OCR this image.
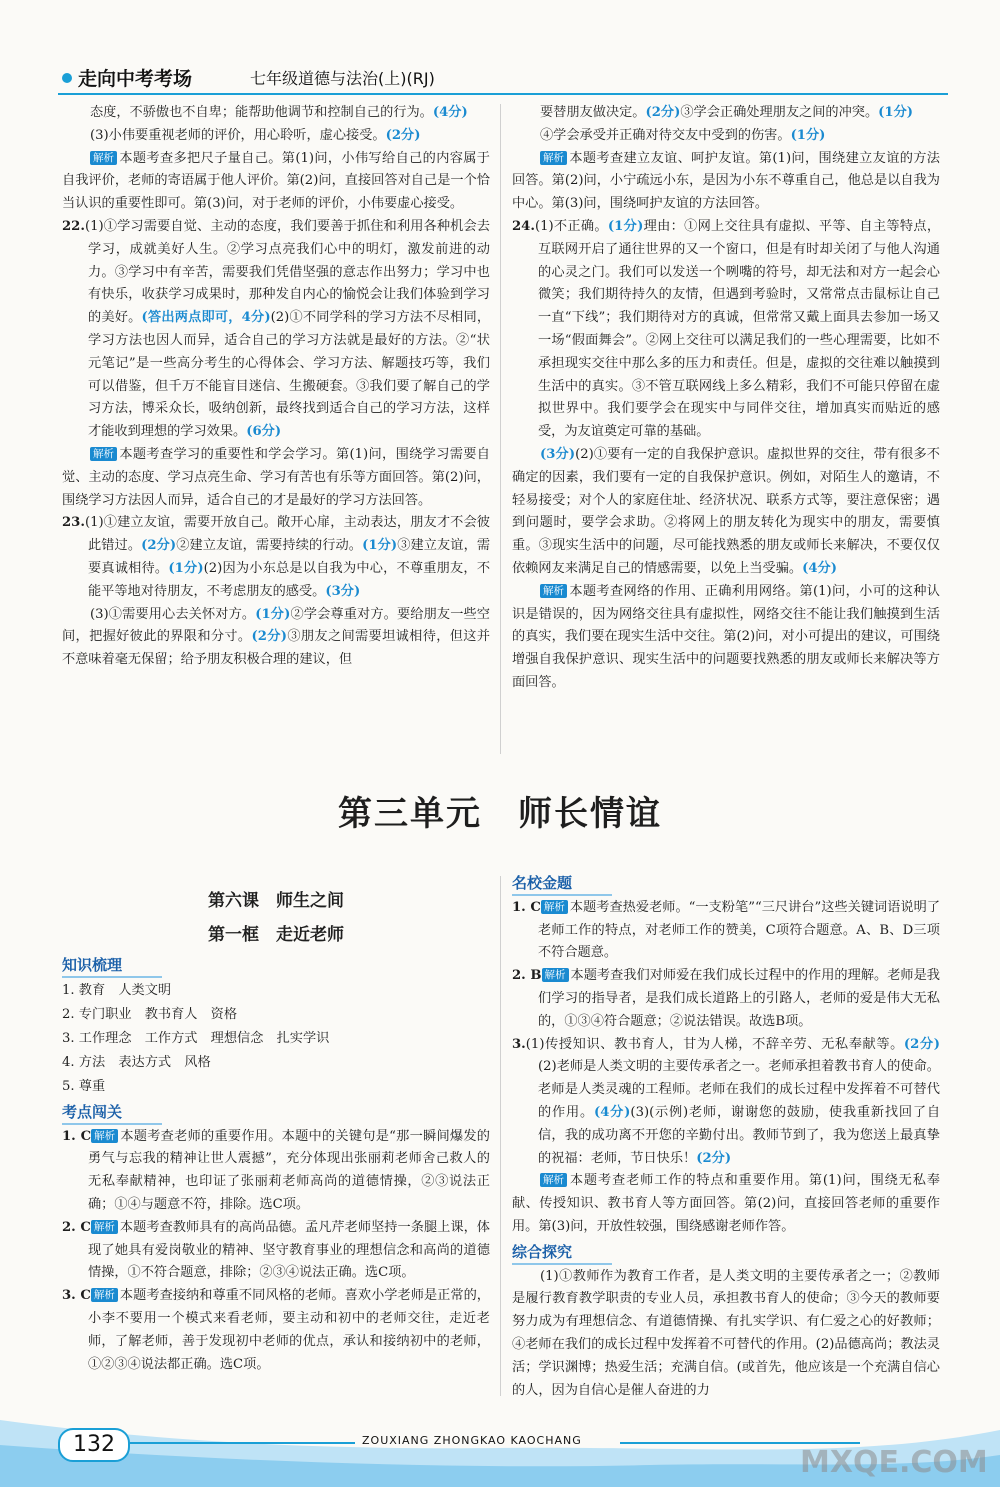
走向中考考场	七年级道德与法治(上)(RJ)

态度，不骄傲也不自卑；能帮助他调节和控制自己的行为。(4分)

(3)小伟要重视老师的评价，用心聆听，虚心接受。(2分)

解析 本题考查多把尺子量自己。第(1)问，小伟写给自己的内容属于自我评价，老师的寄语属于他人评价。第(2)问，直接回答对自己是一个恰当认识的重要性即可。第(3)问，对于老师的评价，小伟要虚心接受。

22.(1)①学习需要自觉、主动的态度，我们要善于抓住和利用各种机会去学习，成就美好人生。②学习点亮我们心中的明灯，激发前进的动力。③学习中有辛苦，需要我们凭借坚强的意志作出努力；学习中也有快乐，收获学习成果时，那种发自内心的愉悦会让我们体验到学习的美好。(答出两点即可，4分)(2)①不同学科的学习方法不尽相同，学习方法也因人而异，适合自己的学习方法就是最好的方法。②“状元笔记”是一些高分考生的心得体会、学习方法、解题技巧等，我们可以借鉴，但千万不能盲目迷信、生搬硬套。③我们要了解自己的学习方法，博采众长，吸纳创新，最终找到适合自己的学习方法，这样才能收到理想的学习效果。(6分)

解析 本题考查学习的重要性和学会学习。第(1)问，围绕学习需要自觉、主动的态度、学习点亮生命、学习有苦也有乐等方面回答。第(2)问，围绕学习方法因人而异，适合自己的才是最好的学习方法回答。

23.(1)①建立友谊，需要开放自己。敞开心扉，主动表达，朋友才不会彼此错过。(2分)②建立友谊，需要持续的行动。(1分)③建立友谊，需要真诚相待。(1分)(2)因为小东总是以自我为中心，不尊重朋友，不能平等地对待朋友，不考虑朋友的感受。(3分)

(3)①需要用心去关怀对方。(1分)②学会尊重对方。要给朋友一些空间，把握好彼此的界限和分寸。(2分)③朋友之间需要坦诚相待，但这并不意味着毫无保留；给予朋友积极合理的建议，但

要替朋友做决定。(2分)③学会正确处理朋友之间的冲突。(1分)

④学会承受并正确对待交友中受到的伤害。(1分)

解析 本题考查建立友谊、呵护友谊。第(1)问，围绕建立友谊的方法回答。第(2)问，小宁疏远小东，是因为小东不尊重自己，他总是以自我为中心。第(3)问，围绕呵护友谊的方法回答。

24.(1)不正确。(1分)理由：①网上交往具有虚拟、平等、自主等特点，互联网开启了通往世界的又一个窗口，但是有时却关闭了与他人沟通的心灵之门。我们可以发送一个咧嘴的符号，却无法和对方一起会心微笑；我们期待持久的友情，但遇到考验时，又常常点击鼠标让自己一直“下线”；我们期待对方的真诚，但常常又戴上面具去参加一场又一场“假面舞会”。②网上交往可以满足我们的一些心理需要，比如不承担现实交往中那么多的压力和责任。但是，虚拟的交往难以触摸到生活中的真实。③不管互联网线上多么精彩，我们不可能只停留在虚拟世界中。我们要学会在现实中与同伴交往，增加真实而贴近的感受，为友谊奠定可靠的基础。

(3分)(2)①要有一定的自我保护意识。虚拟世界的交往，带有很多不确定的因素，我们要有一定的自我保护意识。例如，对陌生人的邀请，不轻易接受；对个人的家庭住址、经济状况、联系方式等，要注意保密；遇到问题时，要学会求助。②将网上的朋友转化为现实中的朋友，需要慎重。③现实生活中的问题，尽可能找熟悉的朋友或师长来解决，不要仅仅依赖网友来满足自己的情感需要，以免上当受骗。(4分)

解析 本题考查网络的作用、正确利用网络。第(1)问，小可的这种认识是错误的，因为网络交往具有虚拟性，网络交往不能让我们触摸到生活的真实，我们要在现实生活中交往。第(2)问，对小可提出的建议，可围绕增强自我保护意识、现实生活中的问题要找熟悉的朋友或师长来解决等方面回答。

第三单元　师长情谊
第六课　师生之间
第一框　走近老师
知识梳理

1. 教育　人类文明

2. 专门职业　教书育人　资格

3. 工作理念　工作方式　理想信念　扎实学识

4. 方法　表达方式　风格

5. 尊重

考点闯关

1. C 解析 本题考查老师的重要作用。本题中的关键句是“那一瞬间爆发的勇气与忘我的精神让世人震撼”，充分体现出张丽莉老师舍己救人的无私奉献精神，也印证了张丽莉老师高尚的道德情操，②③说法正确；①④与题意不符，排除。选C项。

2. C 解析 本题考查教师具有的高尚品德。孟凡芹老师坚持一条腿上课，体现了她具有爱岗敬业的精神、坚守教育事业的理想信念和高尚的道德情操，①不符合题意，排除；②③④说法正确。选C项。

3. C 解析 本题考查接纳和尊重不同风格的老师。喜欢小学老师是正常的，小李不要用一个模式来看老师，要主动和初中的老师交往，走近老师，了解老师，善于发现初中老师的优点，承认和接纳初中的老师，①②③④说法都正确。选C项。

名校金题

1. C 解析 本题考查热爱老师。“一支粉笔”“三尺讲台”这些关键词语说明了老师工作的特点，对老师工作的赞美，C项符合题意。A、B、D三项不符合题意。

2. B 解析 本题考查我们对师爱在我们成长过程中的作用的理解。老师是我们学习的指导者，是我们成长道路上的引路人，老师的爱是伟大无私的，①③④符合题意；②说法错误。故选B项。

3.(1)传授知识、教书育人，甘为人梯，不辞辛劳、无私奉献等。(2分)(2)老师是人类文明的主要传承者之一。老师承担着教书育人的使命。老师是人类灵魂的工程师。老师在我们的成长过程中发挥着不可替代的作用。(4分)(3)(示例)老师，谢谢您的鼓励，使我重新找回了自信，我的成功离不开您的辛勤付出。教师节到了，我为您送上最真挚的祝福：老师，节日快乐！(2分)

解析 本题考查老师工作的特点和重要作用。第(1)问，围绕无私奉献、传授知识、教书育人等方面回答。第(2)问，直接回答老师的重要作用。第(3)问，开放性较强，围绕感谢老师作答。

综合探究

(1)①教师作为教育工作者，是人类文明的主要传承者之一；②教师是履行教育教学职责的专业人员，承担教书育人的使命；③今天的教师要努力成为有理想信念、有道德情操、有扎实学识、有仁爱之心的好教师；④老师在我们的成长过程中发挥着不可替代的作用。(2)品德高尚；教法灵活；学识渊博；热爱生活；充满自信。(或首先，他应该是一个充满自信心的人，因为自信心是催人奋进的力

132	ZOUXIANG ZHONGKAO KAOCHANG
MXQE.COM
